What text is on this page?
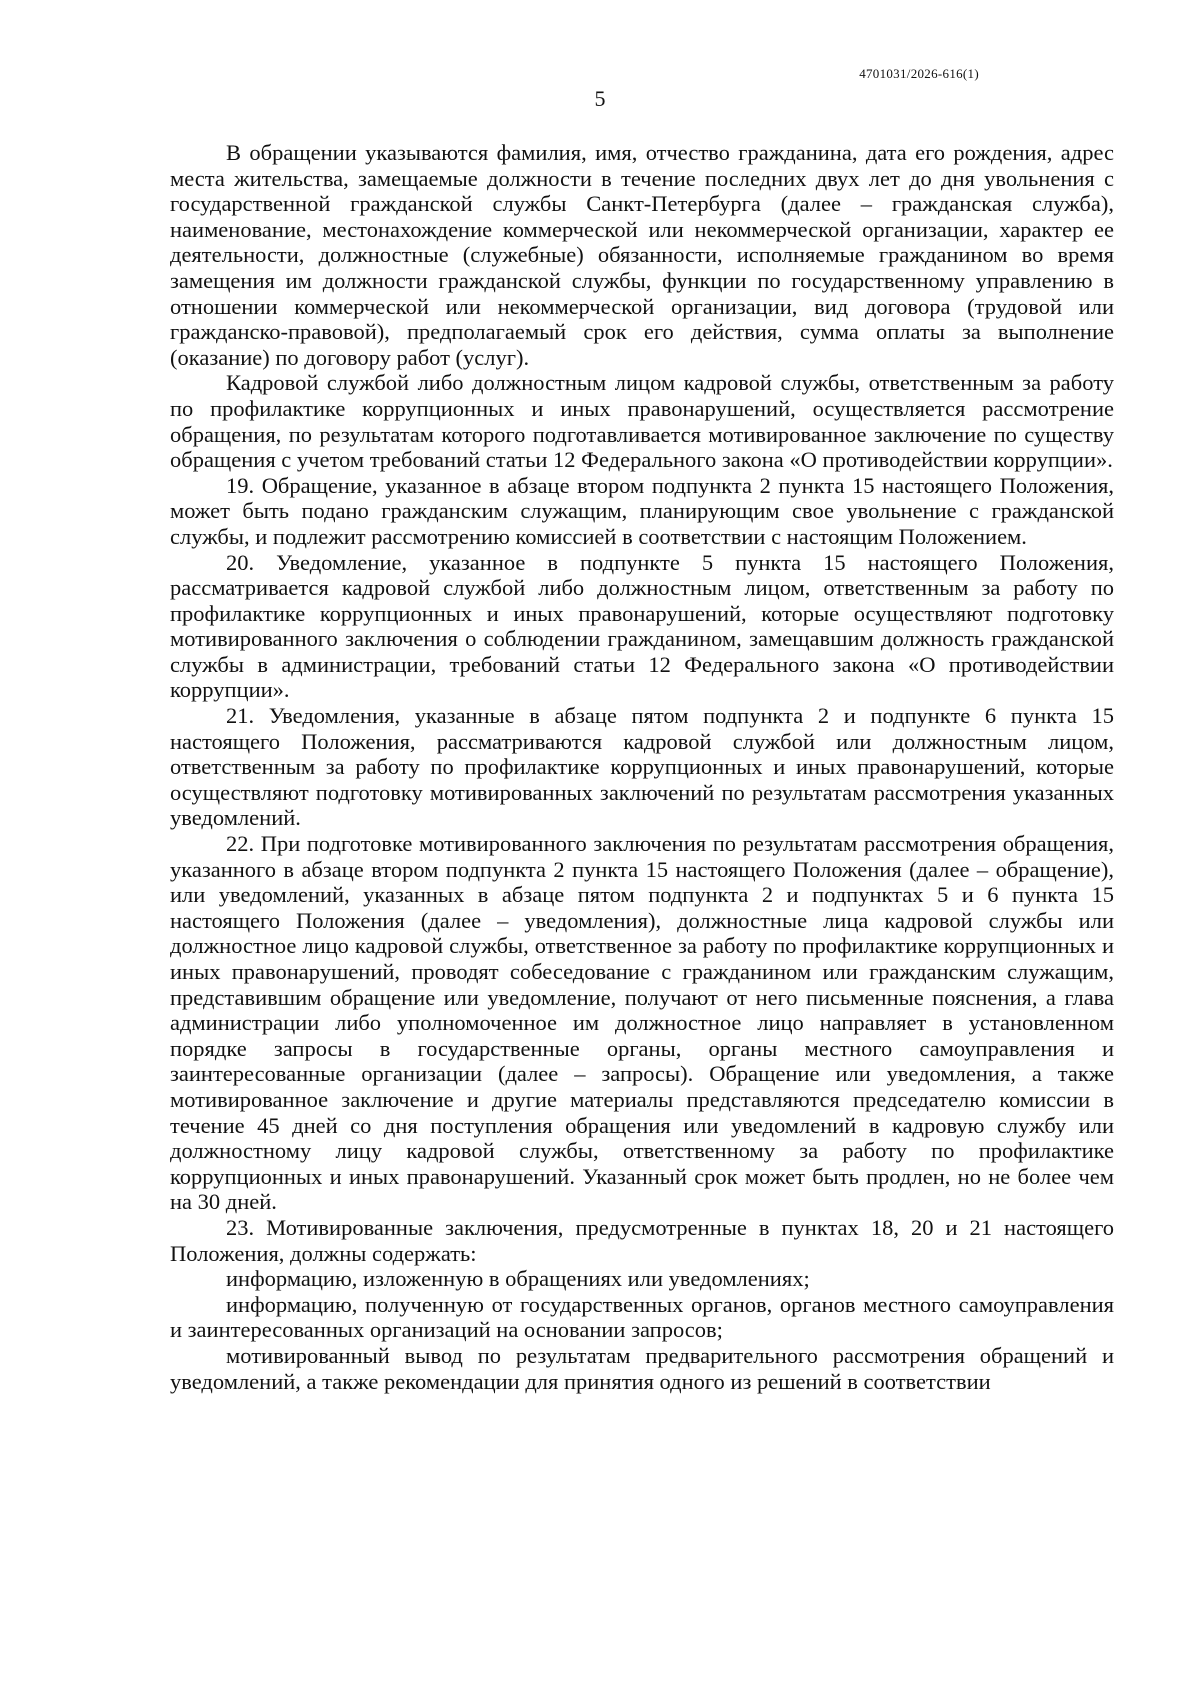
4701031/2026-616(1)
5

В обращении указываются фамилия, имя, отчество гражданина, дата его рождения, адрес места жительства, замещаемые должности в течение последних двух лет до дня увольнения с государственной гражданской службы Санкт-Петербурга (далее – гражданская служба), наименование, местонахождение коммерческой или некоммерческой организации, характер ее деятельности, должностные (служебные) обязанности, исполняемые гражданином во время замещения им должности гражданской службы, функции по государственному управлению в отношении коммерческой или некоммерческой организации, вид договора (трудовой или гражданско-правовой), предполагаемый срок его действия, сумма оплаты за выполнение (оказание) по договору работ (услуг).

Кадровой службой либо должностным лицом кадровой службы, ответственным за работу по профилактике коррупционных и иных правонарушений, осуществляется рассмотрение обращения, по результатам которого подготавливается мотивированное заключение по существу обращения с учетом требований статьи 12 Федерального закона «О противодействии коррупции».

19. Обращение, указанное в абзаце втором подпункта 2 пункта 15 настоящего Положения, может быть подано гражданским служащим, планирующим свое увольнение с гражданской службы, и подлежит рассмотрению комиссией в соответствии с настоящим Положением.

20. Уведомление, указанное в подпункте 5 пункта 15 настоящего Положения, рассматривается кадровой службой либо должностным лицом, ответственным за работу по профилактике коррупционных и иных правонарушений, которые осуществляют подготовку мотивированного заключения о соблюдении гражданином, замещавшим должность гражданской службы в администрации, требований статьи 12 Федерального закона «О противодействии коррупции».

21. Уведомления, указанные в абзаце пятом подпункта 2 и подпункте 6 пункта 15 настоящего Положения, рассматриваются кадровой службой или должностным лицом, ответственным за работу по профилактике коррупционных и иных правонарушений, которые осуществляют подготовку мотивированных заключений по результатам рассмотрения указанных уведомлений.

22. При подготовке мотивированного заключения по результатам рассмотрения обращения, указанного в абзаце втором подпункта 2 пункта 15 настоящего Положения (далее – обращение), или уведомлений, указанных в абзаце пятом подпункта 2 и подпунктах 5 и 6 пункта 15 настоящего Положения (далее – уведомления), должностные лица кадровой службы или должностное лицо кадровой службы, ответственное за работу по профилактике коррупционных и иных правонарушений, проводят собеседование с гражданином или гражданским служащим, представившим обращение или уведомление, получают от него письменные пояснения, а глава администрации либо уполномоченное им должностное лицо направляет в установленном порядке запросы в государственные органы, органы местного самоуправления и заинтересованные организации (далее – запросы). Обращение или уведомления, а также мотивированное заключение и другие материалы представляются председателю комиссии в течение 45 дней со дня поступления обращения или уведомлений в кадровую службу или должностному лицу кадровой службы, ответственному за работу по профилактике коррупционных и иных правонарушений. Указанный срок может быть продлен, но не более чем на 30 дней.

23. Мотивированные заключения, предусмотренные в пунктах 18, 20 и 21 настоящего Положения, должны содержать:

информацию, изложенную в обращениях или уведомлениях;

информацию, полученную от государственных органов, органов местного самоуправления и заинтересованных организаций на основании запросов;

мотивированный вывод по результатам предварительного рассмотрения обращений и уведомлений, а также рекомендации для принятия одного из решений в соответствии
